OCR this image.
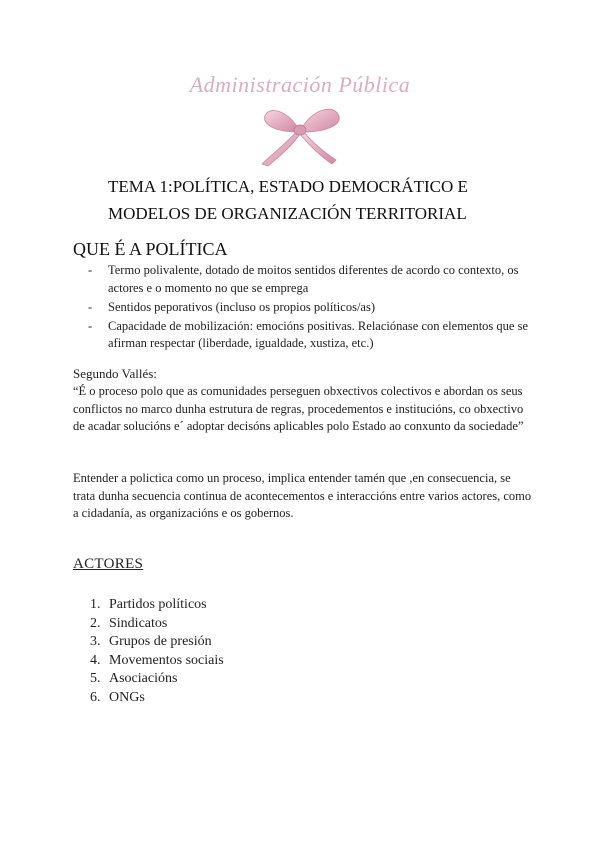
Administración Pública
TEMA 1:POLÍTICA, ESTADO DEMOCRÁTICO E
MODELOS DE ORGANIZACIÓN TERRITORIAL
QUE É A POLÍTICA
- Termo polivalente, dotado de moitos sentidos diferentes de acordo co contexto, os actores e o momento no que se emprega
- Sentidos peporativos (incluso os propios políticos/as)
- Capacidade de mobilización: emocións positivas. Relaciónase con elementos que se afirman respectar (liberdade, igualdade, xustiza, etc.)
Segundo Vallés:
“É o proceso polo que as comunidades perseguen obxectivos colectivos e abordan os seus conflictos no marco dunha estrutura de regras, procedementos e institucións, co obxectivo de acadar solucións e´ adoptar decisóns aplicables polo Estado ao conxunto da sociedade”
Entender a polictica como un proceso, implica entender tamén que ,en consecuencia, se trata dunha secuencia continua de acontecementos e interaccións entre varios actores, como a cidadanía, as organizacións e os gobernos.
ACTORES
1. Partidos políticos
2. Sindicatos
3. Grupos de presión
4. Movementos sociais
5. Asociacións
6. ONGs
